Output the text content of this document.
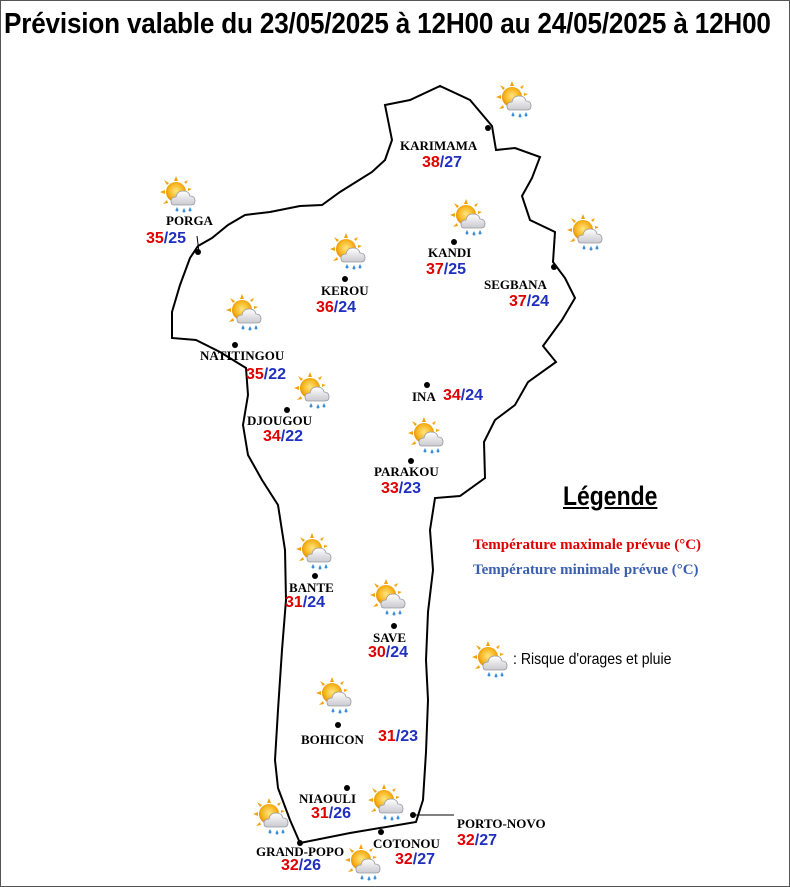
Prévision valable du 23/05/2025 à 12H00 au 24/05/2025 à 12H00
KARIMAMA
38/27
PORGA
35/25
KANDI
37/25
SEGBANA
37/24
KEROU
36/24
NATITINGOU
35/22
INA 34/24
DJOUGOU
34/22
PARAKOU
33/23
BANTE
31/24
SAVE
30/24
BOHICON 31/23
NIAOULI
31/26
PORTO-NOVO
32/27
GRAND-POPO
32/26
COTONOU
32/27
Légende
Température maximale prévue (°C)
Température minimale prévue (°C)
: Risque d'orages et pluie
